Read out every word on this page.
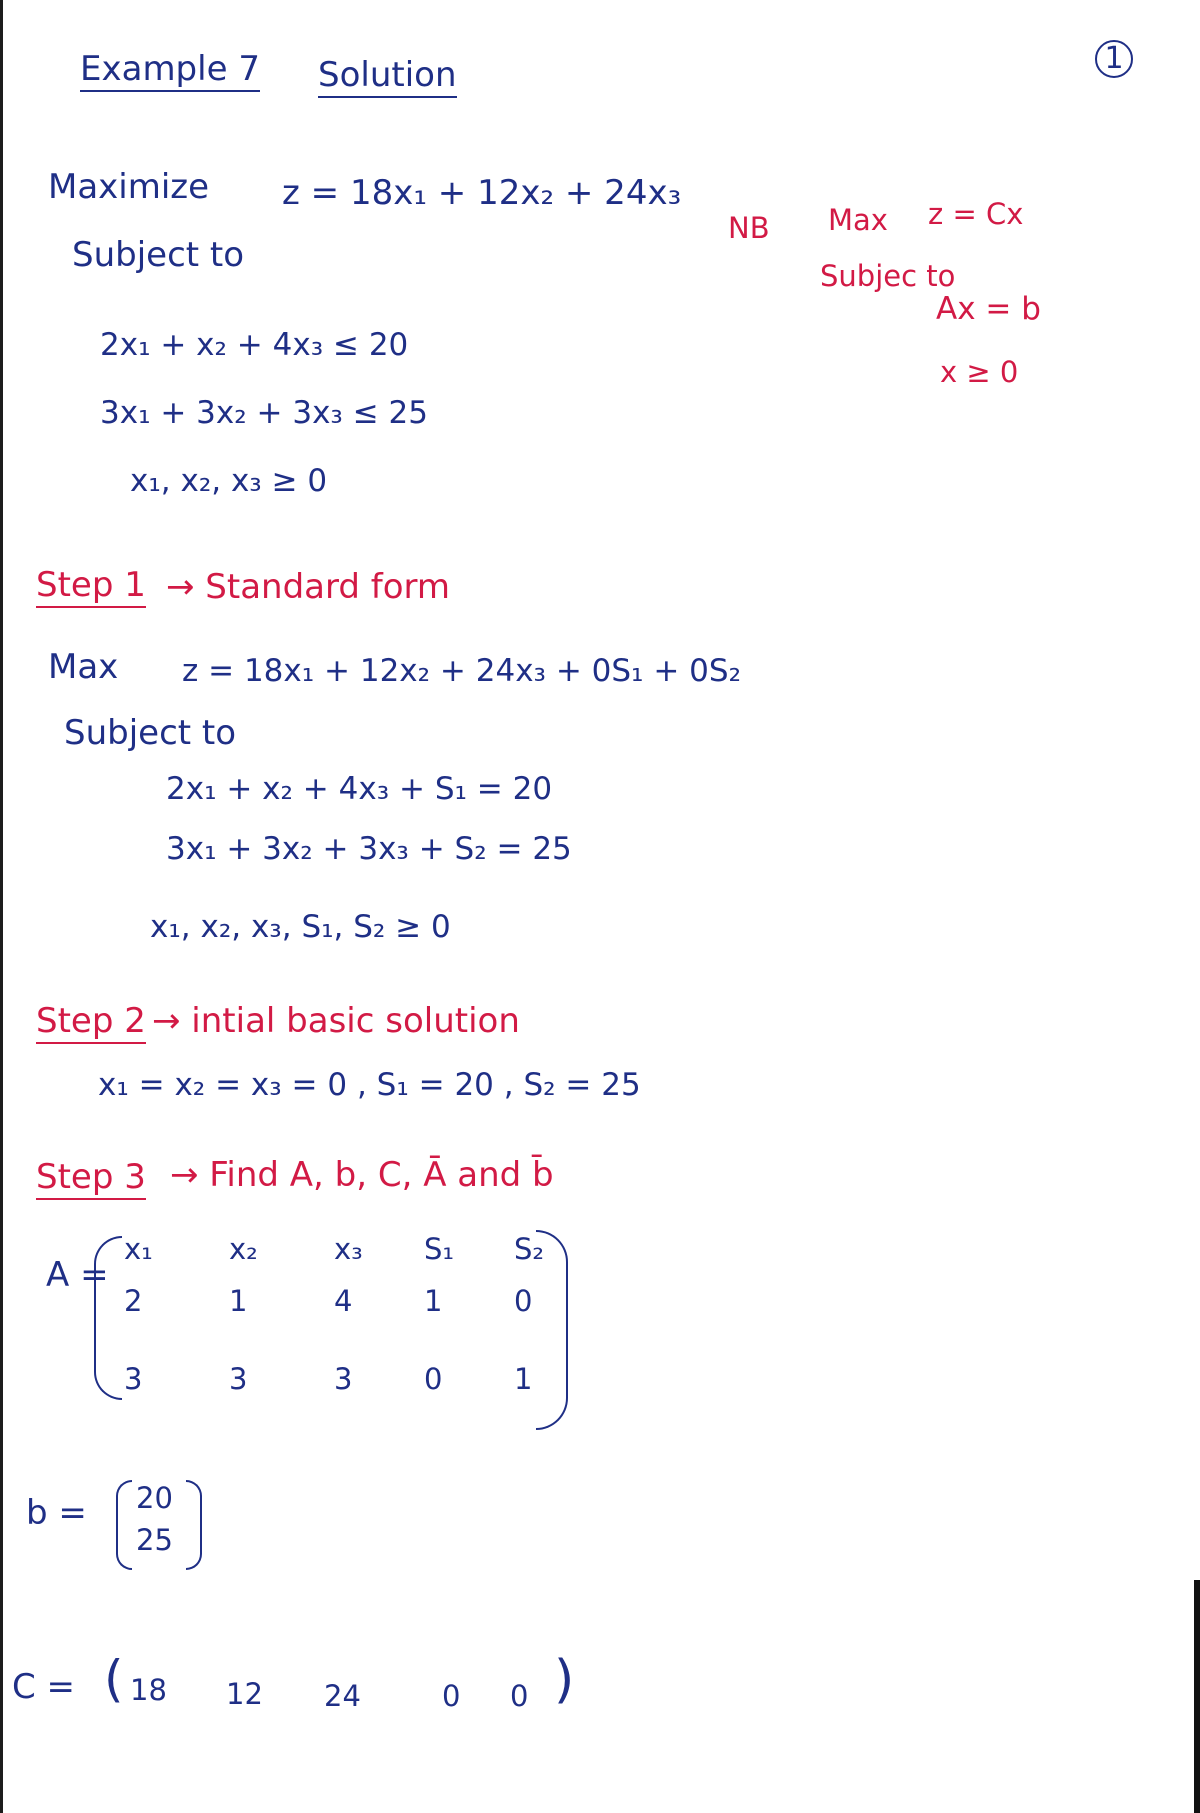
Example 7 Solution	1
Maximize z = 18x₁ + 12x₂ + 24x₃
Subject to
2x₁ + x₂ + 4x₃ ≤ 20
3x₁ + 3x₂ + 3x₃ ≤ 25
x₁, x₂, x₃ ≥ 0
NB Max z = Cx
Subjec to
Ax = b
x ≥ 0
Step 1 → Standard form
Max z = 18x₁ + 12x₂ + 24x₃ + 0S₁ + 0S₂
Subject to
2x₁ + x₂ + 4x₃ + S₁ = 20
3x₁ + 3x₂ + 3x₃ + S₂ = 25
x₁, x₂, x₃, S₁, S₂ ≥ 0
Step 2 → intial basic solution
x₁ = x₂ = x₃ = 0 , S₁ = 20 , S₂ = 25
Step 3 → Find A, b, C, Ā and b̄
A =
x₁	x₂	x₃	S₁	S₂
2	1	4	1	0
3	3	3	0	1
b = 20
25
C = ( 18 12 24	0 0 )
